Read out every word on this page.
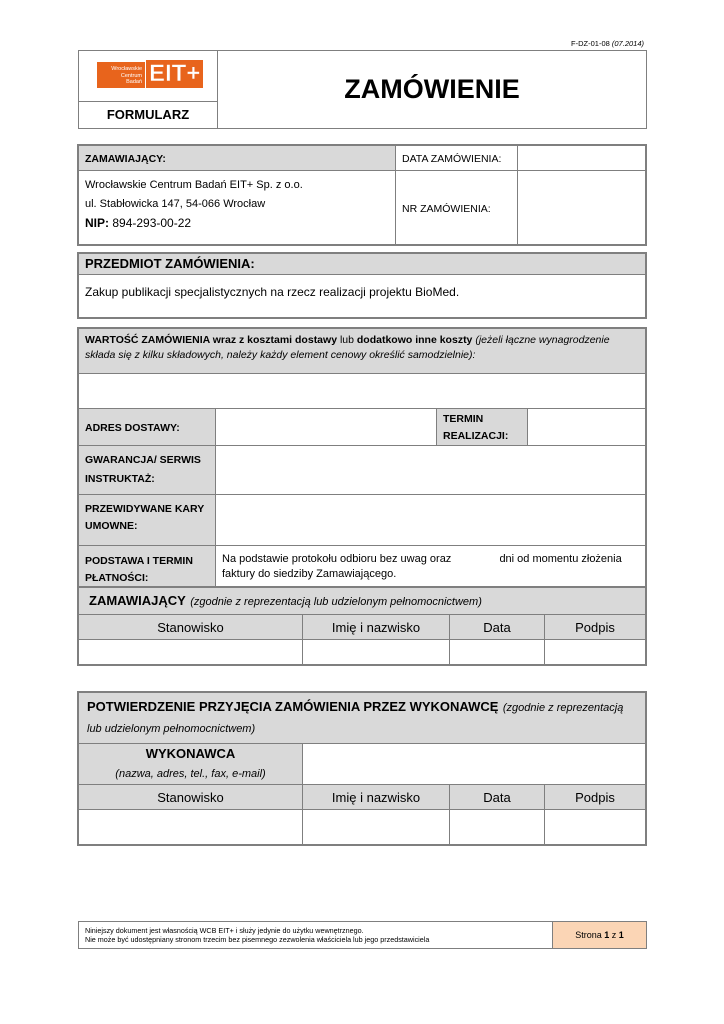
F-DZ-01-08 (07.2014)
Wrocławskie
Centrum
Badań EIT+

ZAMÓWIENIE

FORMULARZ
ZAMAWIAJĄCY:	DATA ZAMÓWIENIA:	

Wrocławskie Centrum Badań EIT+ Sp. z o.o.
ul. Stabłowicka 147, 54-066 Wrocław
NIP: 894-293-00-22	NR ZAMÓWIENIA:	
PRZEDMIOT ZAMÓWIENIA:
Zakup publikacji specjalistycznych na rzecz realizacji projektu BioMed.
WARTOŚĆ ZAMÓWIENIA wraz z kosztami dostawy lub dodatkowo inne koszty (jeżeli łączne wynagrodzenie składa się z kilku składowych, należy każdy element cenowy określić samodzielnie):			

ADRES DOSTAWY:		TERMIN REALIZACJI:	
GWARANCJA/ SERWIS INSTRUKTAŻ:			
PRZEWIDYWANE KARY UMOWNE:			
PODSTAWA I TERMIN PŁATNOŚCI:	Na podstawie protokołu odbioru bez uwag oraz dni od momentu złożenia faktury do siedziby Zamawiającego.		
ZAMAWIAJĄCY (zgodnie z reprezentacją lub udzielonym pełnomocnictwem)			
Stanowisko	Imię i nazwisko	Data	Podpis

POTWIERDZENIE PRZYJĘCIA ZAMÓWIENIA PRZEZ WYKONAWCĘ (zgodnie z reprezentacją lub udzielonym pełnomocnictwem)			

WYKONAWCA
(nazwa, adres, tel., fax, e-mail)			

Stanowisko	Imię i nazwisko	Data	Podpis

Niniejszy dokument jest własnością WCB EIT+ i służy jedynie do użytku wewnętrznego.
Nie może być udostępniany stronom trzecim bez pisemnego zezwolenia właściciela lub jego przedstawiciela	Strona 1 z 1
